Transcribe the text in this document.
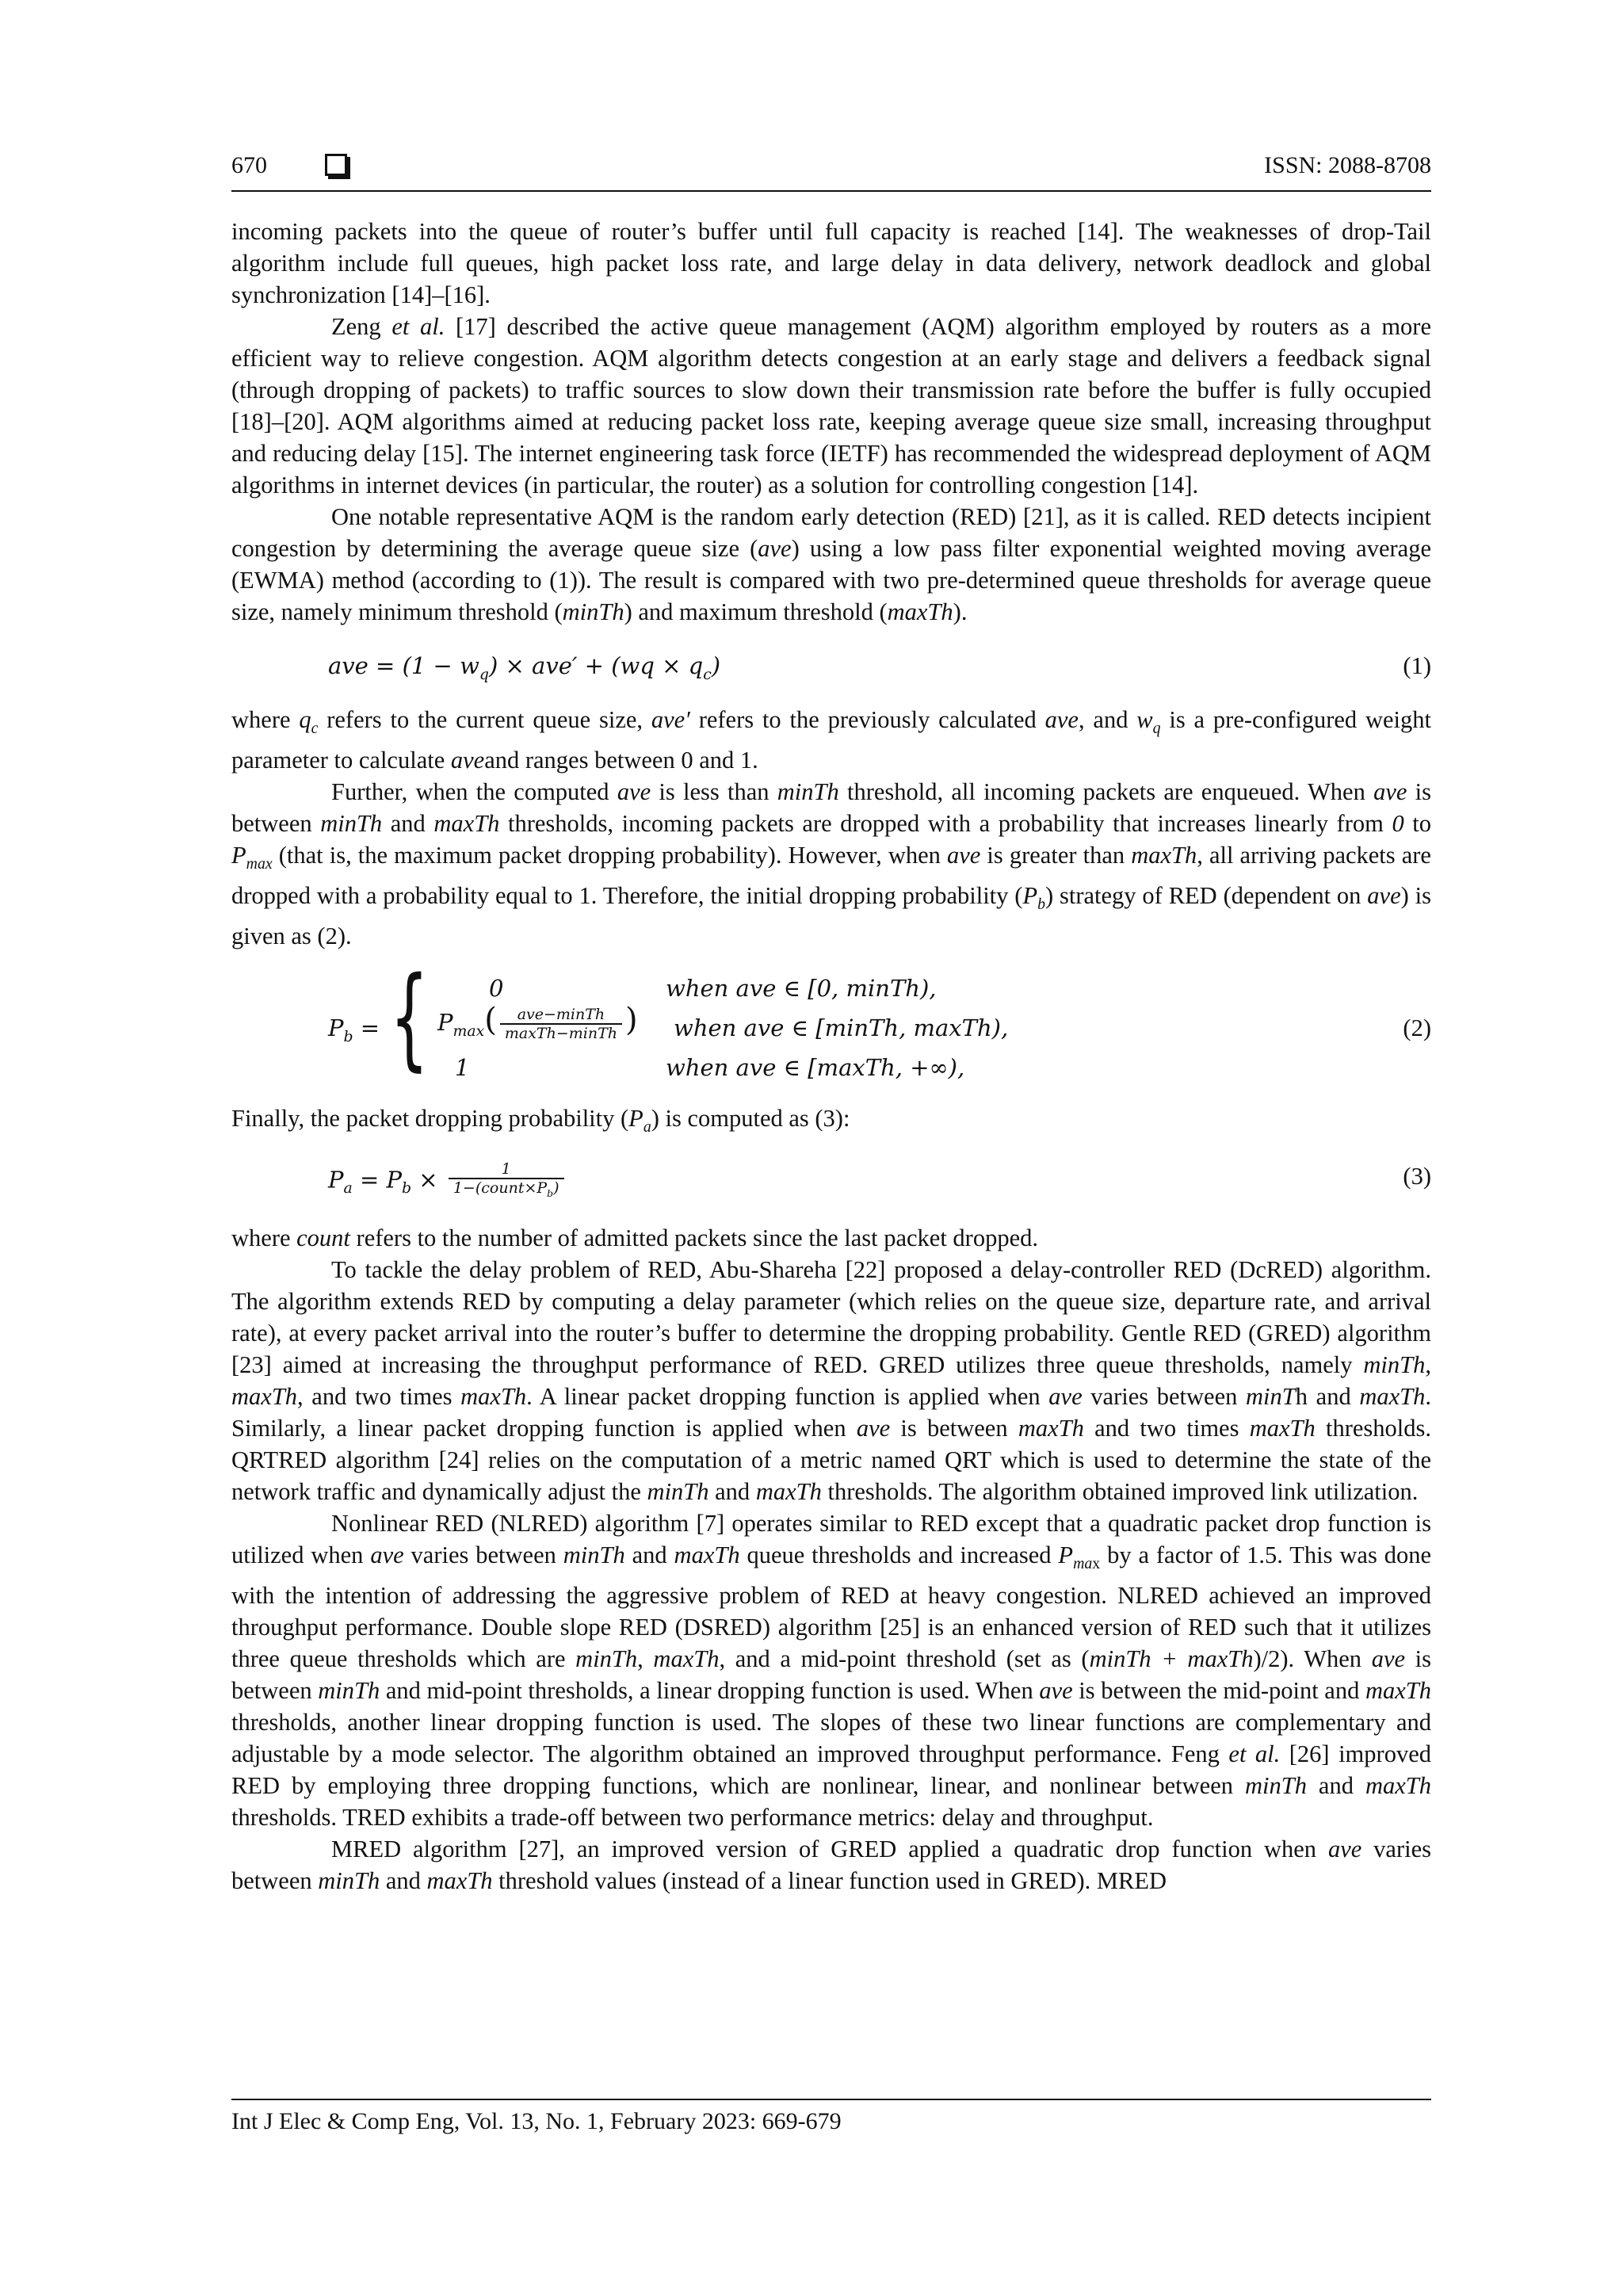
670	ISSN: 2088-8708

incoming packets into the queue of router’s buffer until full capacity is reached [14]. The weaknesses of drop-Tail algorithm include full queues, high packet loss rate, and large delay in data delivery, network deadlock and global synchronization [14]–[16].

Zeng et al. [17] described the active queue management (AQM) algorithm employed by routers as a more efficient way to relieve congestion. AQM algorithm detects congestion at an early stage and delivers a feedback signal (through dropping of packets) to traffic sources to slow down their transmission rate before the buffer is fully occupied [18]–[20]. AQM algorithms aimed at reducing packet loss rate, keeping average queue size small, increasing throughput and reducing delay [15]. The internet engineering task force (IETF) has recommended the widespread deployment of AQM algorithms in internet devices (in particular, the router) as a solution for controlling congestion [14].

One notable representative AQM is the random early detection (RED) [21], as it is called. RED detects incipient congestion by determining the average queue size (ave) using a low pass filter exponential weighted moving average (EWMA) method (according to (1)). The result is compared with two pre-determined queue thresholds for average queue size, namely minimum threshold (minTh) and maximum threshold (maxTh).

ave = $(1 - w_q) \times ave' + (wq \times q_c)$	(1)

where $q_c$ refers to the current queue size, ave′ refers to the previously calculated ave, and $w_q$ is a pre-configured weight parameter to calculate aveand ranges between 0 and 1.

Further, when the computed ave is less than minTh threshold, all incoming packets are enqueued. When ave is between minTh and maxTh thresholds, incoming packets are dropped with a probability that increases linearly from 0 to $P_{max}$ (that is, the maximum packet dropping probability). However, when ave is greater than maxTh, all arriving packets are dropped with a probability equal to 1. Therefore, the initial dropping probability $(P_b)$ strategy of RED (dependent on ave) is given as (2).

$P_b$ = {	0	when ave ∈ [0, minTh),
$P_{max}( \frac{\text{ave−minTh}}{\text{maxTh−minTh}}$ ) when ave ∈ [minTh, maxTh),
1	when ave ∈ [maxTh, +∞),
(2)

Finally, the packet dropping probability $(P_a)$ is computed as (3):

$P_a = P_b \times \frac{1}{1-(count\times P_b)}$	(3)

where count refers to the number of admitted packets since the last packet dropped.

To tackle the delay problem of RED, Abu-Shareha [22] proposed a delay-controller RED (DcRED) algorithm. The algorithm extends RED by computing a delay parameter (which relies on the queue size, departure rate, and arrival rate), at every packet arrival into the router’s buffer to determine the dropping probability. Gentle RED (GRED) algorithm [23] aimed at increasing the throughput performance of RED. GRED utilizes three queue thresholds, namely minTh, maxTh, and two times maxTh. A linear packet dropping function is applied when ave varies between minTh and maxTh. Similarly, a linear packet dropping function is applied when ave is between maxTh and two times maxTh thresholds. QRTRED algorithm [24] relies on the computation of a metric named QRT which is used to determine the state of the network traffic and dynamically adjust the minTh and maxTh thresholds. The algorithm obtained improved link utilization.

Nonlinear RED (NLRED) algorithm [7] operates similar to RED except that a quadratic packet drop function is utilized when ave varies between minTh and maxTh queue thresholds and increased $P_{max}$ by a factor of 1.5. This was done with the intention of addressing the aggressive problem of RED at heavy congestion. NLRED achieved an improved throughput performance. Double slope RED (DSRED) algorithm [25] is an enhanced version of RED such that it utilizes three queue thresholds which are minTh, maxTh, and a mid-point threshold (set as (minTh + maxTh)/2). When ave is between minTh and mid-point thresholds, a linear dropping function is used. When ave is between the mid-point and maxTh thresholds, another linear dropping function is used. The slopes of these two linear functions are complementary and adjustable by a mode selector. The algorithm obtained an improved throughput performance. Feng et al. [26] improved RED by employing three dropping functions, which are nonlinear, linear, and nonlinear between minTh and maxTh thresholds. TRED exhibits a trade-off between two performance metrics: delay and throughput.

MRED algorithm [27], an improved version of GRED applied a quadratic drop function when ave varies between minTh and maxTh threshold values (instead of a linear function used in GRED). MRED

Int J Elec & Comp Eng, Vol. 13, No. 1, February 2023: 669-679
